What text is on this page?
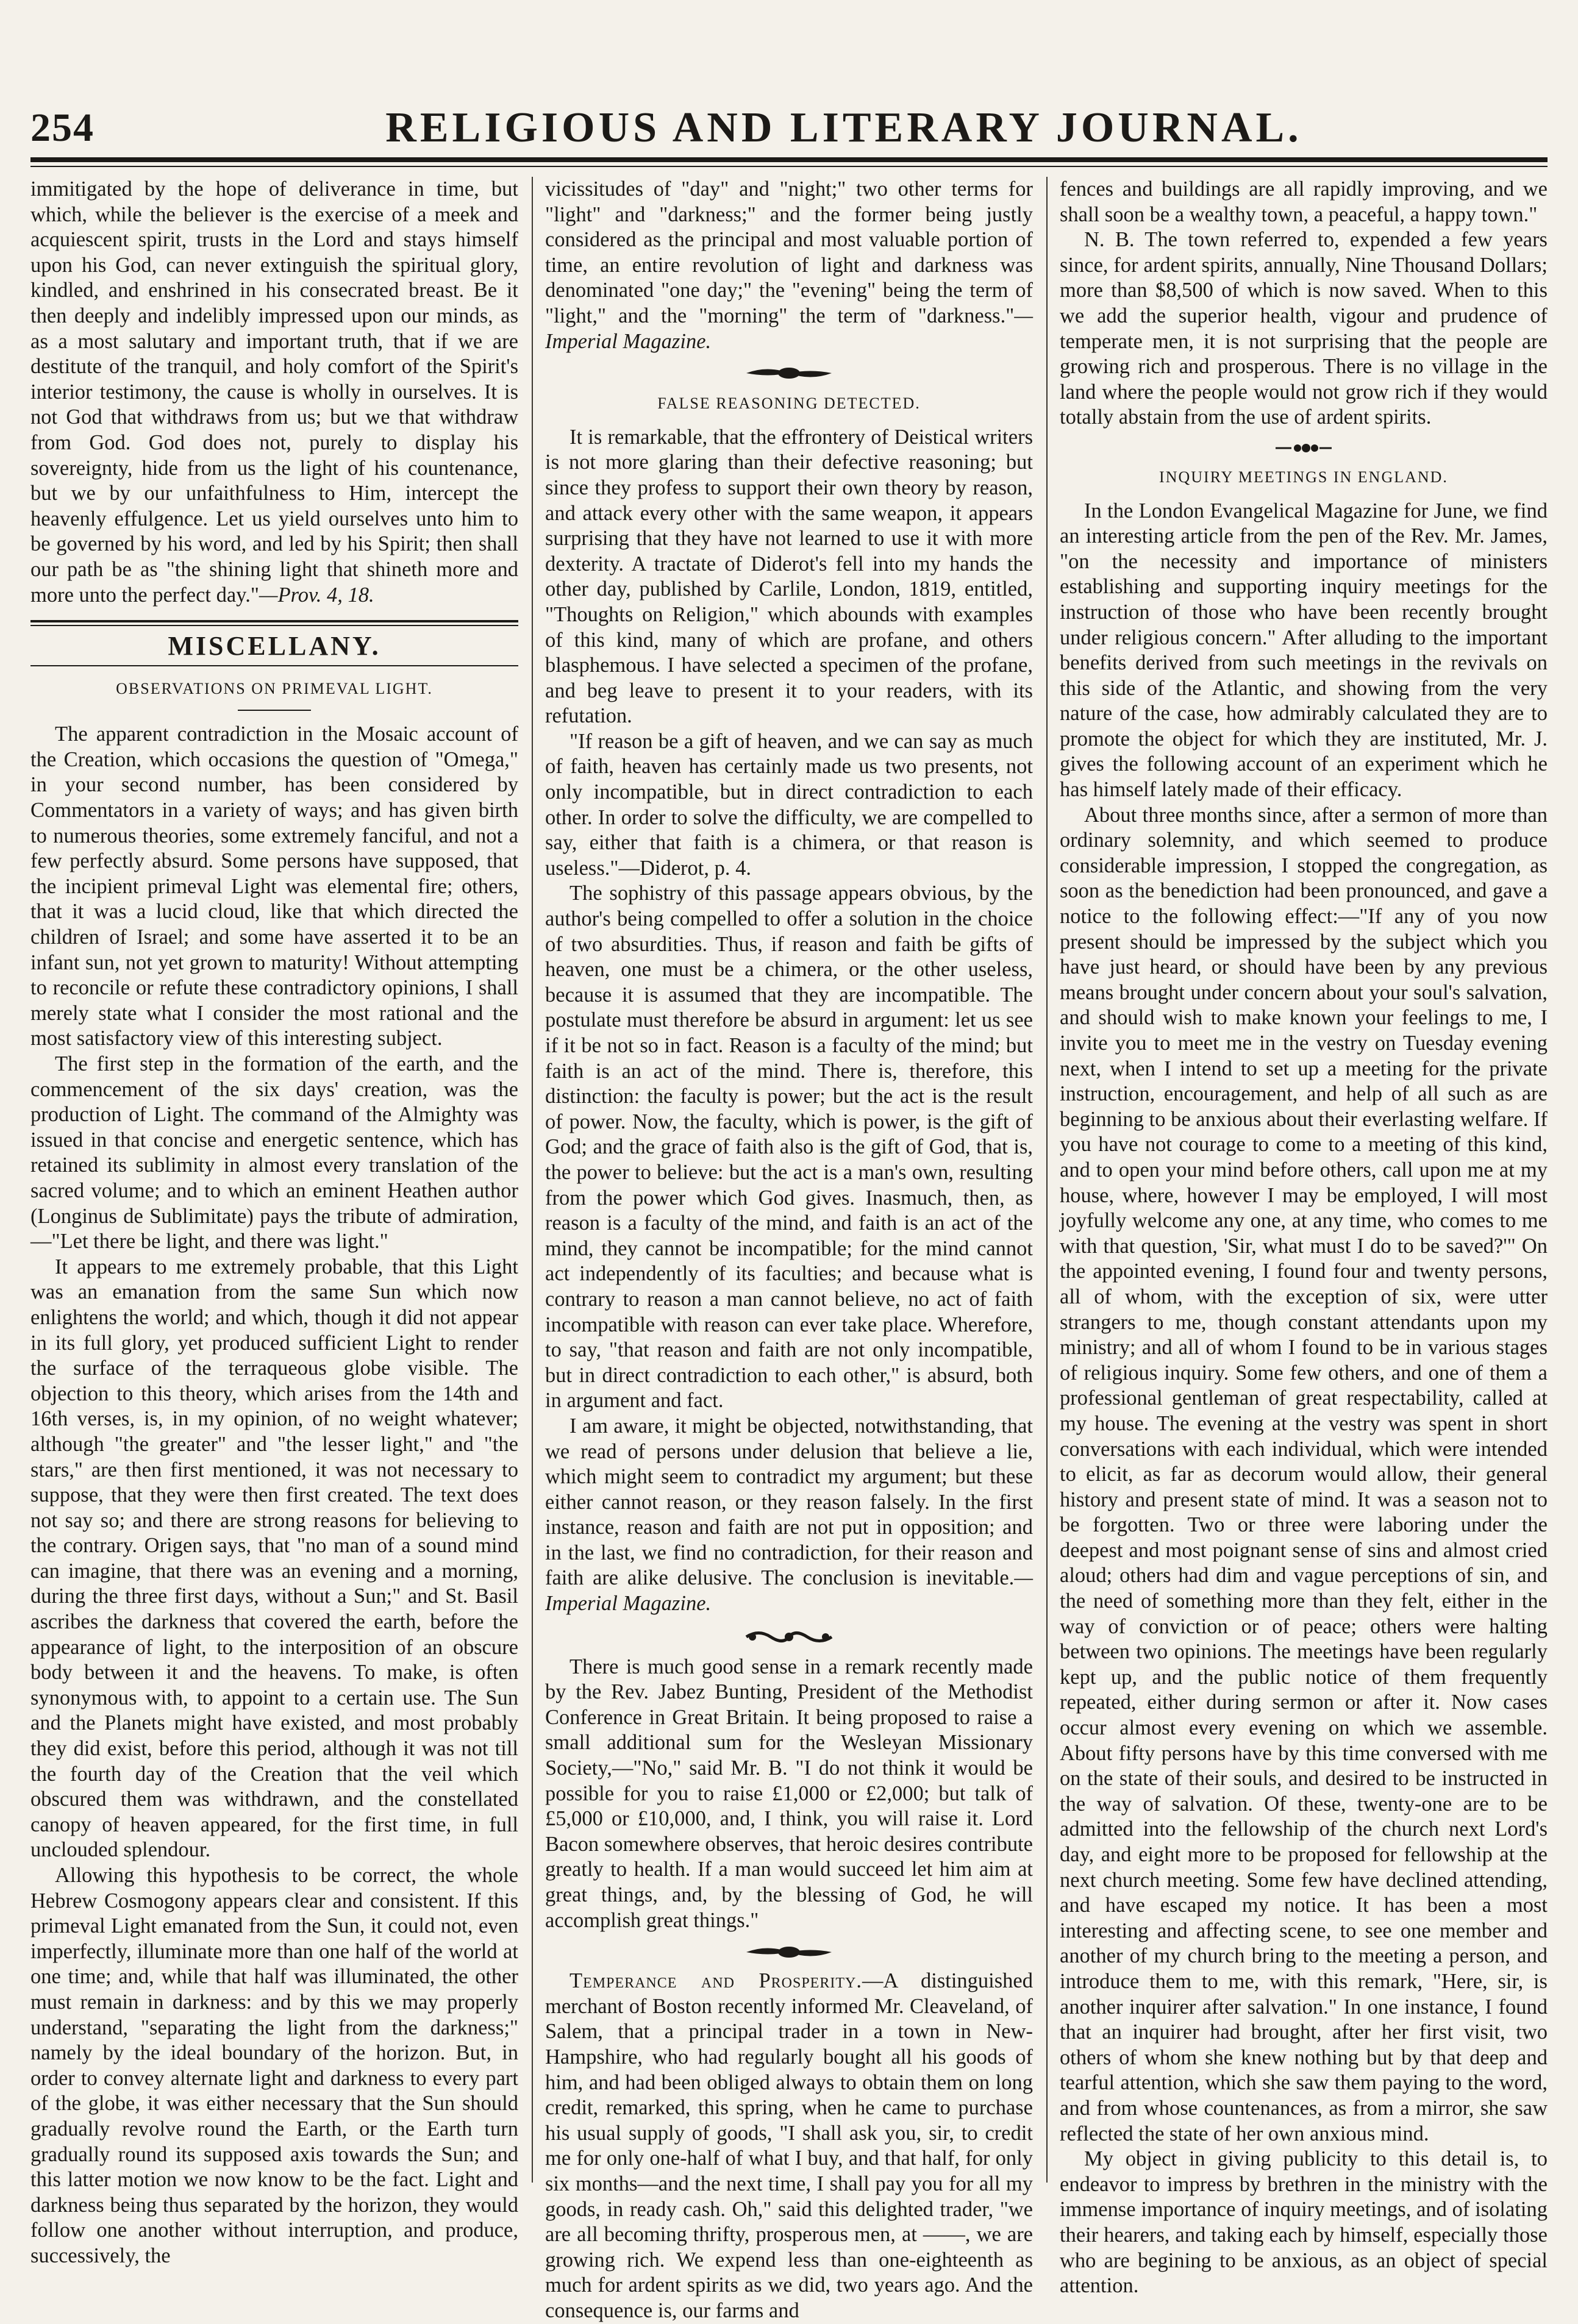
254	RELIGIOUS AND LITERARY JOURNAL.

immitigated by the hope of deliverance in time, but which, while the believer is the exercise of a meek and acquiescent spirit, trusts in the Lord and stays himself upon his God, can never extinguish the spiritual glory, kindled, and enshrined in his consecrated breast. Be it then deeply and indelibly impressed upon our minds, as as a most salutary and important truth, that if we are destitute of the tranquil, and holy comfort of the Spirit's interior testimony, the cause is wholly in ourselves. It is not God that withdraws from us; but we that withdraw from God. God does not, purely to display his sovereignty, hide from us the light of his countenance, but we by our unfaithfulness to Him, intercept the heavenly effulgence. Let us yield ourselves unto him to be governed by his word, and led by his Spirit; then shall our path be as "the shining light that shineth more and more unto the perfect day."—Prov. 4, 18.

MISCELLANY.
OBSERVATIONS ON PRIMEVAL LIGHT.

The apparent contradiction in the Mosaic account of the Creation, which occasions the question of "Omega," in your second number, has been considered by Commentators in a variety of ways; and has given birth to numerous theories, some extremely fanciful, and not a few perfectly absurd. Some persons have supposed, that the incipient primeval Light was elemental fire; others, that it was a lucid cloud, like that which directed the children of Israel; and some have asserted it to be an infant sun, not yet grown to maturity! Without attempting to reconcile or refute these contradictory opinions, I shall merely state what I consider the most rational and the most satisfactory view of this interesting subject.

The first step in the formation of the earth, and the commencement of the six days' creation, was the production of Light. The command of the Almighty was issued in that concise and energetic sentence, which has retained its sublimity in almost every translation of the sacred volume; and to which an eminent Heathen author (Longinus de Sublimitate) pays the tribute of admiration,—"Let there be light, and there was light."

It appears to me extremely probable, that this Light was an emanation from the same Sun which now enlightens the world; and which, though it did not appear in its full glory, yet produced sufficient Light to render the surface of the terraqueous globe visible. The objection to this theory, which arises from the 14th and 16th verses, is, in my opinion, of no weight whatever; although "the greater" and "the lesser light," and "the stars," are then first mentioned, it was not necessary to suppose, that they were then first created. The text does not say so; and there are strong reasons for believing to the contrary. Origen says, that "no man of a sound mind can imagine, that there was an evening and a morning, during the three first days, without a Sun;" and St. Basil ascribes the darkness that covered the earth, before the appearance of light, to the interposition of an obscure body between it and the heavens. To make, is often synonymous with, to appoint to a certain use. The Sun and the Planets might have existed, and most probably they did exist, before this period, although it was not till the fourth day of the Creation that the veil which obscured them was withdrawn, and the constellated canopy of heaven appeared, for the first time, in full unclouded splendour.

Allowing this hypothesis to be correct, the whole Hebrew Cosmogony appears clear and consistent. If this primeval Light emanated from the Sun, it could not, even imperfectly, illuminate more than one half of the world at one time; and, while that half was illuminated, the other must remain in darkness: and by this we may properly understand, "separating the light from the darkness;" namely by the ideal boundary of the horizon. But, in order to convey alternate light and darkness to every part of the globe, it was either necessary that the Sun should gradually revolve round the Earth, or the Earth turn gradually round its supposed axis towards the Sun; and this latter motion we now know to be the fact. Light and darkness being thus separated by the horizon, they would follow one another without interruption, and produce, successively, the

vicissitudes of "day" and "night;" two other terms for "light" and "darkness;" and the former being justly considered as the principal and most valuable portion of time, an entire revolution of light and darkness was denominated "one day;" the "evening" being the term of "light," and the "morning" the term of "darkness."—Imperial Magazine.

FALSE REASONING DETECTED.

It is remarkable, that the effrontery of Deistical writers is not more glaring than their defective reasoning; but since they profess to support their own theory by reason, and attack every other with the same weapon, it appears surprising that they have not learned to use it with more dexterity. A tractate of Diderot's fell into my hands the other day, published by Carlile, London, 1819, entitled, "Thoughts on Religion," which abounds with examples of this kind, many of which are profane, and others blasphemous. I have selected a specimen of the profane, and beg leave to present it to your readers, with its refutation.

"If reason be a gift of heaven, and we can say as much of faith, heaven has certainly made us two presents, not only incompatible, but in direct contradiction to each other. In order to solve the difficulty, we are compelled to say, either that faith is a chimera, or that reason is useless."—Diderot, p. 4.

The sophistry of this passage appears obvious, by the author's being compelled to offer a solution in the choice of two absurdities. Thus, if reason and faith be gifts of heaven, one must be a chimera, or the other useless, because it is assumed that they are incompatible. The postulate must therefore be absurd in argument: let us see if it be not so in fact. Reason is a faculty of the mind; but faith is an act of the mind. There is, therefore, this distinction: the faculty is power; but the act is the result of power. Now, the faculty, which is power, is the gift of God; and the grace of faith also is the gift of God, that is, the power to believe: but the act is a man's own, resulting from the power which God gives. Inasmuch, then, as reason is a faculty of the mind, and faith is an act of the mind, they cannot be incompatible; for the mind cannot act independently of its faculties; and because what is contrary to reason a man cannot believe, no act of faith incompatible with reason can ever take place. Wherefore, to say, "that reason and faith are not only incompatible, but in direct contradiction to each other," is absurd, both in argument and fact.

I am aware, it might be objected, notwithstanding, that we read of persons under delusion that believe a lie, which might seem to contradict my argument; but these either cannot reason, or they reason falsely. In the first instance, reason and faith are not put in opposition; and in the last, we find no contradiction, for their reason and faith are alike delusive. The conclusion is inevitable.—Imperial Magazine.

There is much good sense in a remark recently made by the Rev. Jabez Bunting, President of the Methodist Conference in Great Britain. It being proposed to raise a small additional sum for the Wesleyan Missionary Society,—"No," said Mr. B. "I do not think it would be possible for you to raise £1,000 or £2,000; but talk of £5,000 or £10,000, and, I think, you will raise it. Lord Bacon somewhere observes, that heroic desires contribute greatly to health. If a man would succeed let him aim at great things, and, by the blessing of God, he will accomplish great things."

Temperance and Prosperity.—A distinguished merchant of Boston recently informed Mr. Cleaveland, of Salem, that a principal trader in a town in New-Hampshire, who had regularly bought all his goods of him, and had been obliged always to obtain them on long credit, remarked, this spring, when he came to purchase his usual supply of goods, "I shall ask you, sir, to credit me for only one-half of what I buy, and that half, for only six months—and the next time, I shall pay you for all my goods, in ready cash. Oh," said this delighted trader, "we are all becoming thrifty, prosperous men, at ——, we are growing rich. We expend less than one-eighteenth as much for ardent spirits as we did, two years ago. And the consequence is, our farms and

fences and buildings are all rapidly improving, and we shall soon be a wealthy town, a peaceful, a happy town."

N. B. The town referred to, expended a few years since, for ardent spirits, annually, Nine Thousand Dollars; more than $8,500 of which is now saved. When to this we add the superior health, vigour and prudence of temperate men, it is not surprising that the people are growing rich and prosperous. There is no village in the land where the people would not grow rich if they would totally abstain from the use of ardent spirits.

INQUIRY MEETINGS IN ENGLAND.

In the London Evangelical Magazine for June, we find an interesting article from the pen of the Rev. Mr. James, "on the necessity and importance of ministers establishing and supporting inquiry meetings for the instruction of those who have been recently brought under religious concern." After alluding to the important benefits derived from such meetings in the revivals on this side of the Atlantic, and showing from the very nature of the case, how admirably calculated they are to promote the object for which they are instituted, Mr. J. gives the following account of an experiment which he has himself lately made of their efficacy.

About three months since, after a sermon of more than ordinary solemnity, and which seemed to produce considerable impression, I stopped the congregation, as soon as the benediction had been pronounced, and gave a notice to the following effect:—"If any of you now present should be impressed by the subject which you have just heard, or should have been by any previous means brought under concern about your soul's salvation, and should wish to make known your feelings to me, I invite you to meet me in the vestry on Tuesday evening next, when I intend to set up a meeting for the private instruction, encouragement, and help of all such as are beginning to be anxious about their everlasting welfare. If you have not courage to come to a meeting of this kind, and to open your mind before others, call upon me at my house, where, however I may be employed, I will most joyfully welcome any one, at any time, who comes to me with that question, 'Sir, what must I do to be saved?'" On the appointed evening, I found four and twenty persons, all of whom, with the exception of six, were utter strangers to me, though constant attendants upon my ministry; and all of whom I found to be in various stages of religious inquiry. Some few others, and one of them a professional gentleman of great respectability, called at my house. The evening at the vestry was spent in short conversations with each individual, which were intended to elicit, as far as decorum would allow, their general history and present state of mind. It was a season not to be forgotten. Two or three were laboring under the deepest and most poignant sense of sins and almost cried aloud; others had dim and vague perceptions of sin, and the need of something more than they felt, either in the way of conviction or of peace; others were halting between two opinions. The meetings have been regularly kept up, and the public notice of them frequently repeated, either during sermon or after it. Now cases occur almost every evening on which we assemble. About fifty persons have by this time conversed with me on the state of their souls, and desired to be instructed in the way of salvation. Of these, twenty-one are to be admitted into the fellowship of the church next Lord's day, and eight more to be proposed for fellowship at the next church meeting. Some few have declined attending, and have escaped my notice. It has been a most interesting and affecting scene, to see one member and another of my church bring to the meeting a person, and introduce them to me, with this remark, "Here, sir, is another inquirer after salvation." In one instance, I found that an inquirer had brought, after her first visit, two others of whom she knew nothing but by that deep and tearful attention, which she saw them paying to the word, and from whose countenances, as from a mirror, she saw reflected the state of her own anxious mind.

My object in giving publicity to this detail is, to endeavor to impress by brethren in the ministry with the immense importance of inquiry meetings, and of isolating their hearers, and taking each by himself, especially those who are begining to be anxious, as an object of special attention.
